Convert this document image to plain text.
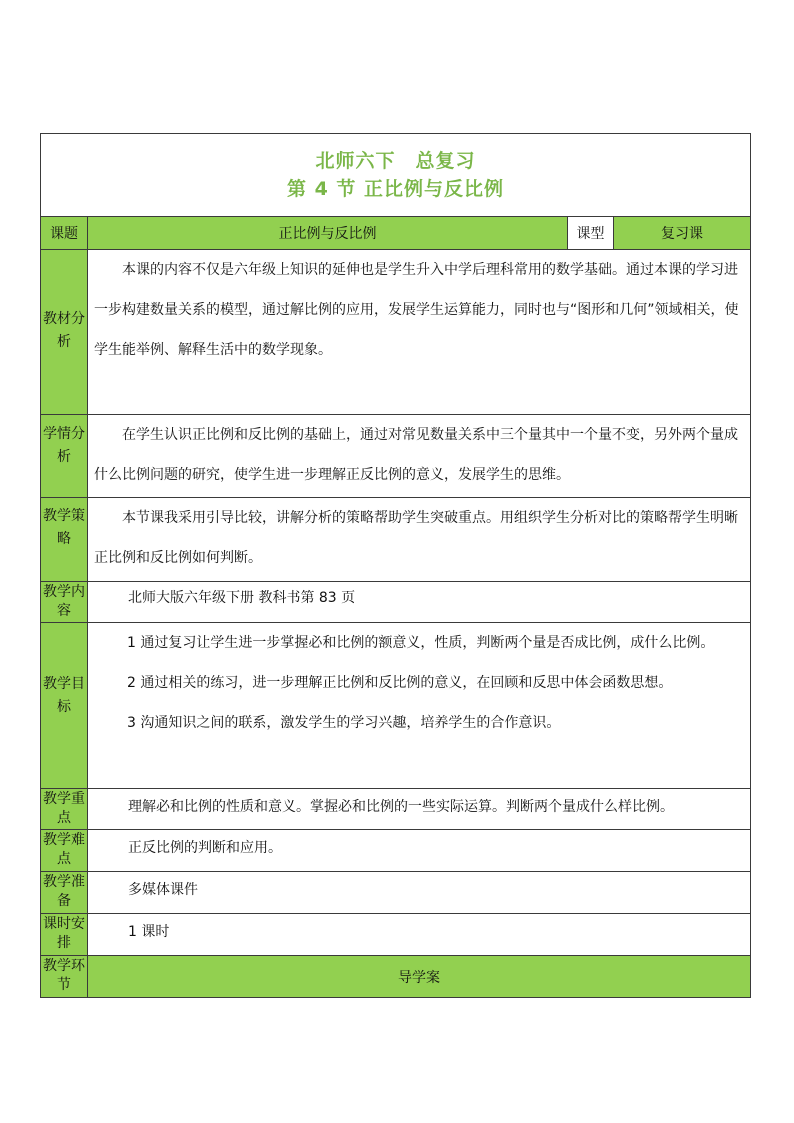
北师六下　总复习
第 4 节 正比例与反比例			

课题	正比例与反比例	课型	复习课
教材分析	本课的内容不仅是六年级上知识的延伸也是学生升入中学后理科常用的数学基础。通过本课的学习进一步构建数量关系的模型，通过解比例的应用，发展学生运算能力，同时也与“图形和几何”领域相关，使学生能举例、解释生活中的数学现象。		

学情分析	在学生认识正比例和反比例的基础上，通过对常见数量关系中三个量其中一个量不变，另外两个量成什么比例问题的研究，使学生进一步理解正反比例的意义，发展学生的思维。		

教学策略	本节课我采用引导比较，讲解分析的策略帮助学生突破重点。用组织学生分析对比的策略帮学生明晰正比例和反比例如何判断。		

教学内容	北师大版六年级下册 教科书第 83 页		
教学目标	1 通过复习让学生进一步掌握必和比例的额意义，性质，判断两个量是否成比例，成什么比例。

2 通过相关的练习，进一步理解正比例和反比例的意义，在回顾和反思中体会函数思想。

3 沟通知识之间的联系，激发学生的学习兴趣，培养学生的合作意识。		

教学重点	理解必和比例的性质和意义。掌握必和比例的一些实际运算。判断两个量成什么样比例。		
教学难点	正反比例的判断和应用。		
教学准备	多媒体课件		
课时安排	1 课时		
教学环节	导学案		
